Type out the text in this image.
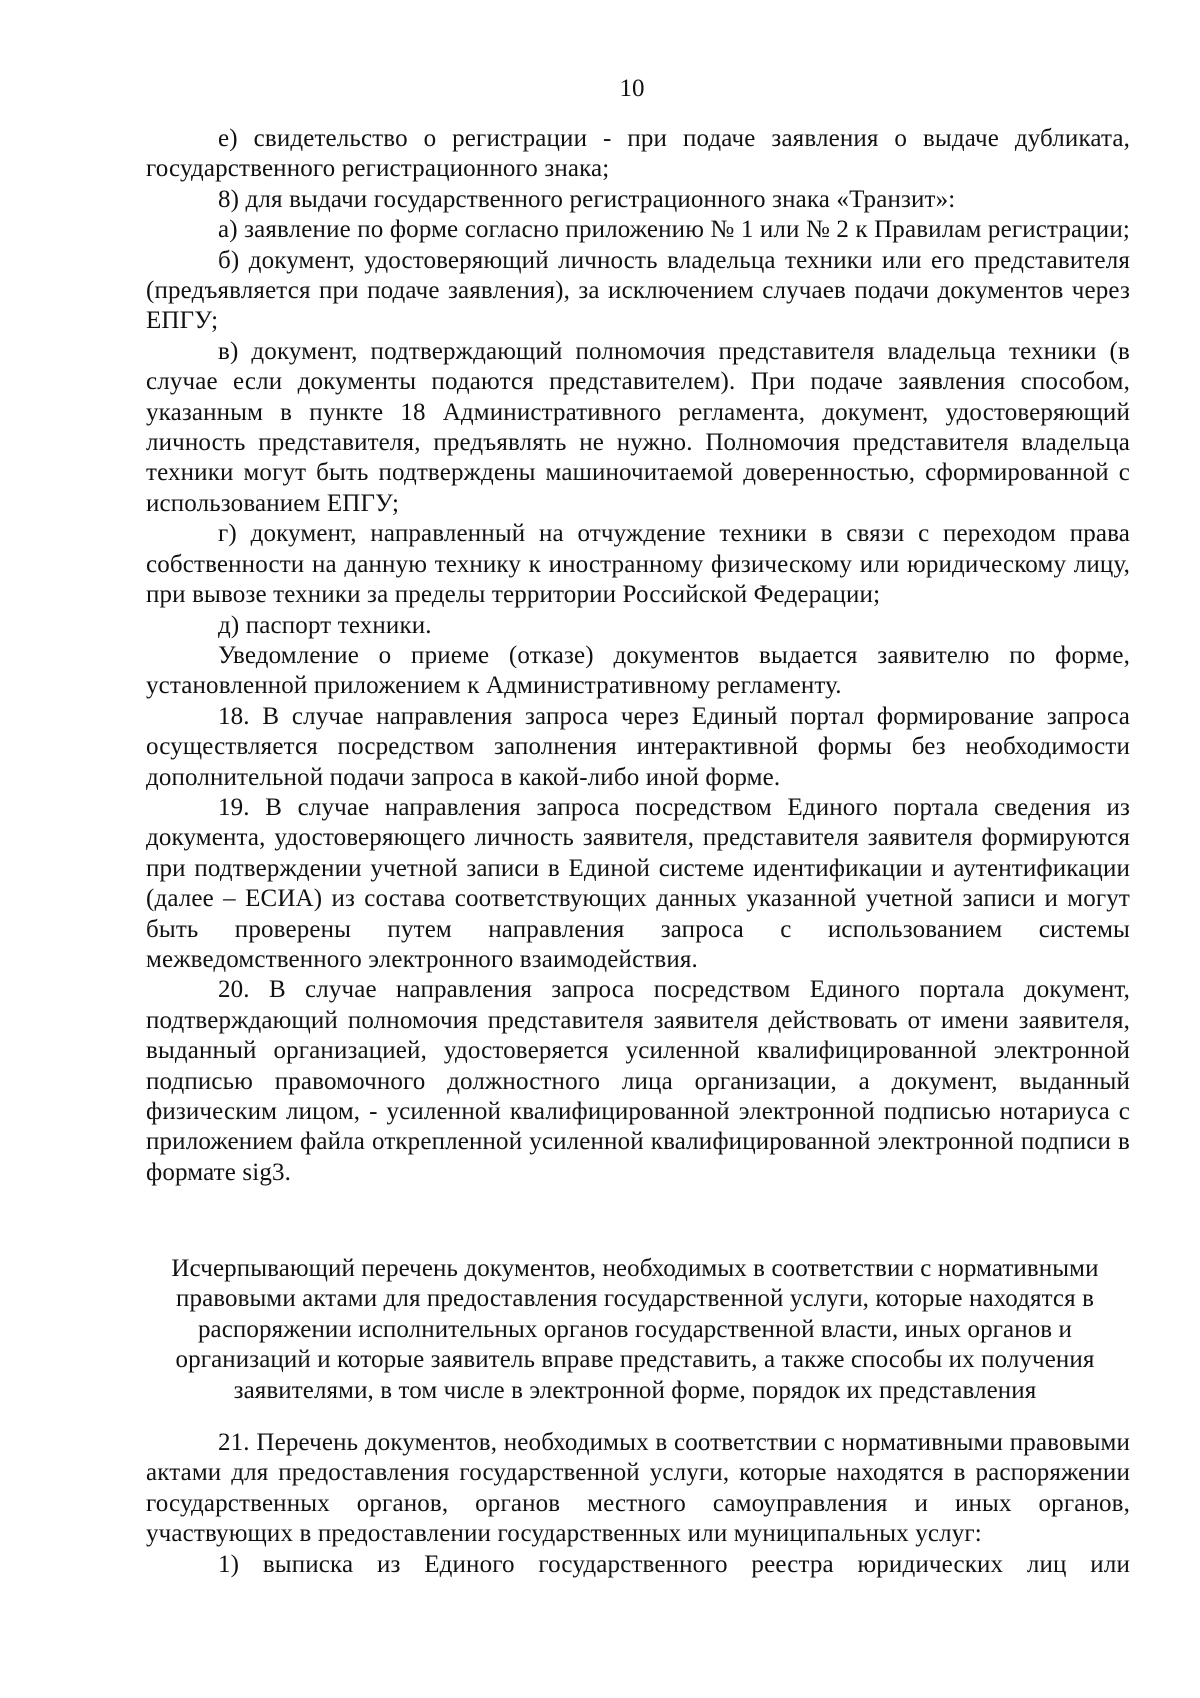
10

е) свидетельство о регистрации - при подаче заявления о выдаче дубликата, государственного регистрационного знака;

8) для выдачи государственного регистрационного знака «Транзит»:

а) заявление по форме согласно приложению № 1 или № 2 к Правилам регистрации;

б) документ, удостоверяющий личность владельца техники или его представителя (предъявляется при подаче заявления), за исключением случаев подачи документов через ЕПГУ;

в) документ, подтверждающий полномочия представителя владельца техники (в случае если документы подаются представителем). При подаче заявления способом, указанным в пункте 18 Административного регламента, документ, удостоверяющий личность представителя, предъявлять не нужно. Полномочия представителя владельца техники могут быть подтверждены машиночитаемой доверенностью, сформированной с использованием ЕПГУ;

г) документ, направленный на отчуждение техники в связи с переходом права собственности на данную технику к иностранному физическому или юридическому лицу, при вывозе техники за пределы территории Российской Федерации;

д) паспорт техники.

Уведомление о приеме (отказе) документов выдается заявителю по форме, установленной приложением к Административному регламенту.

18. В случае направления запроса через Единый портал формирование запроса осуществляется посредством заполнения интерактивной формы без необходимости дополнительной подачи запроса в какой-либо иной форме.

19. В случае направления запроса посредством Единого портала сведения из документа, удостоверяющего личность заявителя, представителя заявителя формируются при подтверждении учетной записи в Единой системе идентификации и аутентификации (далее – ЕСИА) из состава соответствующих данных указанной учетной записи и могут быть проверены путем направления запроса с использованием системы межведомственного электронного взаимодействия.

20. В случае направления запроса посредством Единого портала документ, подтверждающий полномочия представителя заявителя действовать от имени заявителя, выданный организацией, удостоверяется усиленной квалифицированной электронной подписью правомочного должностного лица организации, а документ, выданный физическим лицом, - усиленной квалифицированной электронной подписью нотариуса с приложением файла открепленной усиленной квалифицированной электронной подписи в формате sig3.

Исчерпывающий перечень документов, необходимых в соответствии с нормативными правовыми актами для предоставления государственной услуги, которые находятся в распоряжении исполнительных органов государственной власти, иных органов и организаций и которые заявитель вправе представить, а также способы их получения заявителями, в том числе в электронной форме, порядок их представления

21. Перечень документов, необходимых в соответствии с нормативными правовыми актами для предоставления государственной услуги, которые находятся в распоряжении государственных органов, органов местного самоуправления и иных органов, участвующих в предоставлении государственных или муниципальных услуг:

1) выписка из Единого государственного реестра юридических лиц или
